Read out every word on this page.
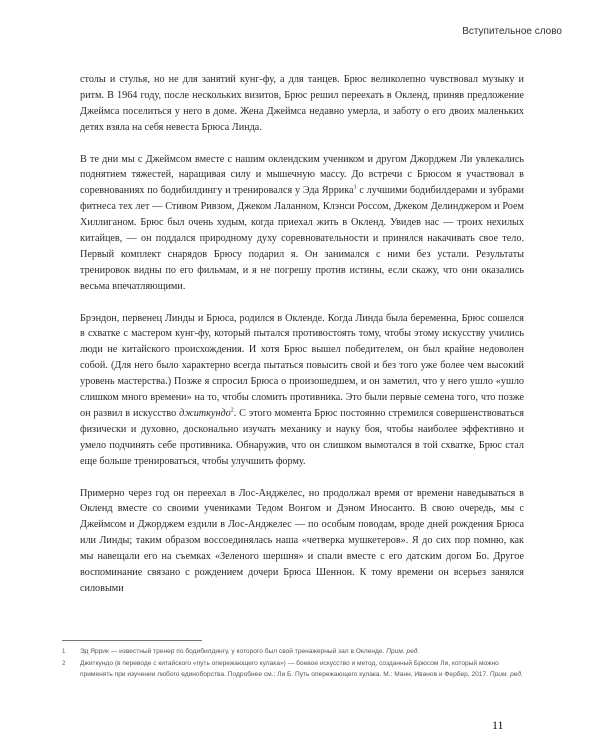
Вступительное слово

столы и стулья, но не для занятий кунг-фу, а для танцев. Брюс великолепно чувствовал музыку и ритм. В 1964 году, после нескольких визитов, Брюс решил переехать в Окленд, приняв предложение Джеймса поселиться у него в доме. Жена Джеймса недавно умерла, и заботу о его двоих маленьких детях взяла на себя невеста Брюса Линда.

В те дни мы с Джеймсом вместе с нашим оклендским учеником и другом Джорджем Ли увлекались поднятием тяжестей, наращивая силу и мышечную массу. До встречи с Брюсом я участвовал в соревнованиях по бодибилдингу и тренировался у Эда Яррика$^1$ с лучшими бодибилдерами и зубрами фитнеса тех лет — Стивом Ривзом, Джеком Лаланном, Клэнси Россом, Джеком Делинджером и Роем Хиллиганом. Брюс был очень худым, когда приехал жить в Окленд. Увидев нас — троих нехилых китайцев, — он поддался природному духу соревновательности и принялся накачивать свое тело. Первый комплект снарядов Брюсу подарил я. Он занимался с ними без устали. Результаты тренировок видны по его фильмам, и я не погрешу против истины, если скажу, что они оказались весьма впечатляющими.

Брэндон, первенец Линды и Брюса, родился в Окленде. Когда Линда была беременна, Брюс сошелся в схватке с мастером кунг-фу, который пытался противостоять тому, чтобы этому искусству учились люди не китайского происхождения. И хотя Брюс вышел победителем, он был крайне недоволен собой. (Для него было характерно всегда пытаться повысить свой и без того уже более чем высокий уровень мастерства.) Позже я спросил Брюса о произошедшем, и он заметил, что у него ушло «ушло слишком много времени» на то, чтобы сломить противника. Это были первые семена того, что позже он развил в искусство джиткундо$^2$. С этого момента Брюс постоянно стремился совершенствоваться физически и духовно, досконально изучать механику и науку боя, чтобы наиболее эффективно и умело подчинять себе противника. Обнаружив, что он слишком вымотался в той схватке, Брюс стал еще больше тренироваться, чтобы улучшить форму.

Примерно через год он переехал в Лос-Анджелес, но продолжал время от времени наведываться в Окленд вместе со своими учениками Тедом Вонгом и Дэном Иносанто. В свою очередь, мы с Джеймсом и Джорджем ездили в Лос-Анджелес — по особым поводам, вроде дней рождения Брюса или Линды; таким образом воссоединялась наша «четверка мушкетеров». Я до сих пор помню, как мы навещали его на съемках «Зеленого шершня» и спали вместе с его датским догом Бо. Другое воспоминание связано с рождением дочери Брюса Шеннон. К тому времени он всерьез занялся силовыми

1	Эд Яррик — известный тренер по бодибилдингу, у которого был свой тренажерный зал в Окленде. Прим. ред.
2	Джиткундо (в переводе с китайского «путь опережающего кулака») — боевое искусство и метод, созданный Брюсом Ли, который можно применять при изучении любого единоборства. Подробнее см.: Ли Б. Путь опережающего кулака. М.: Манн, Иванов и Фербер, 2017. Прим. ред.
11
